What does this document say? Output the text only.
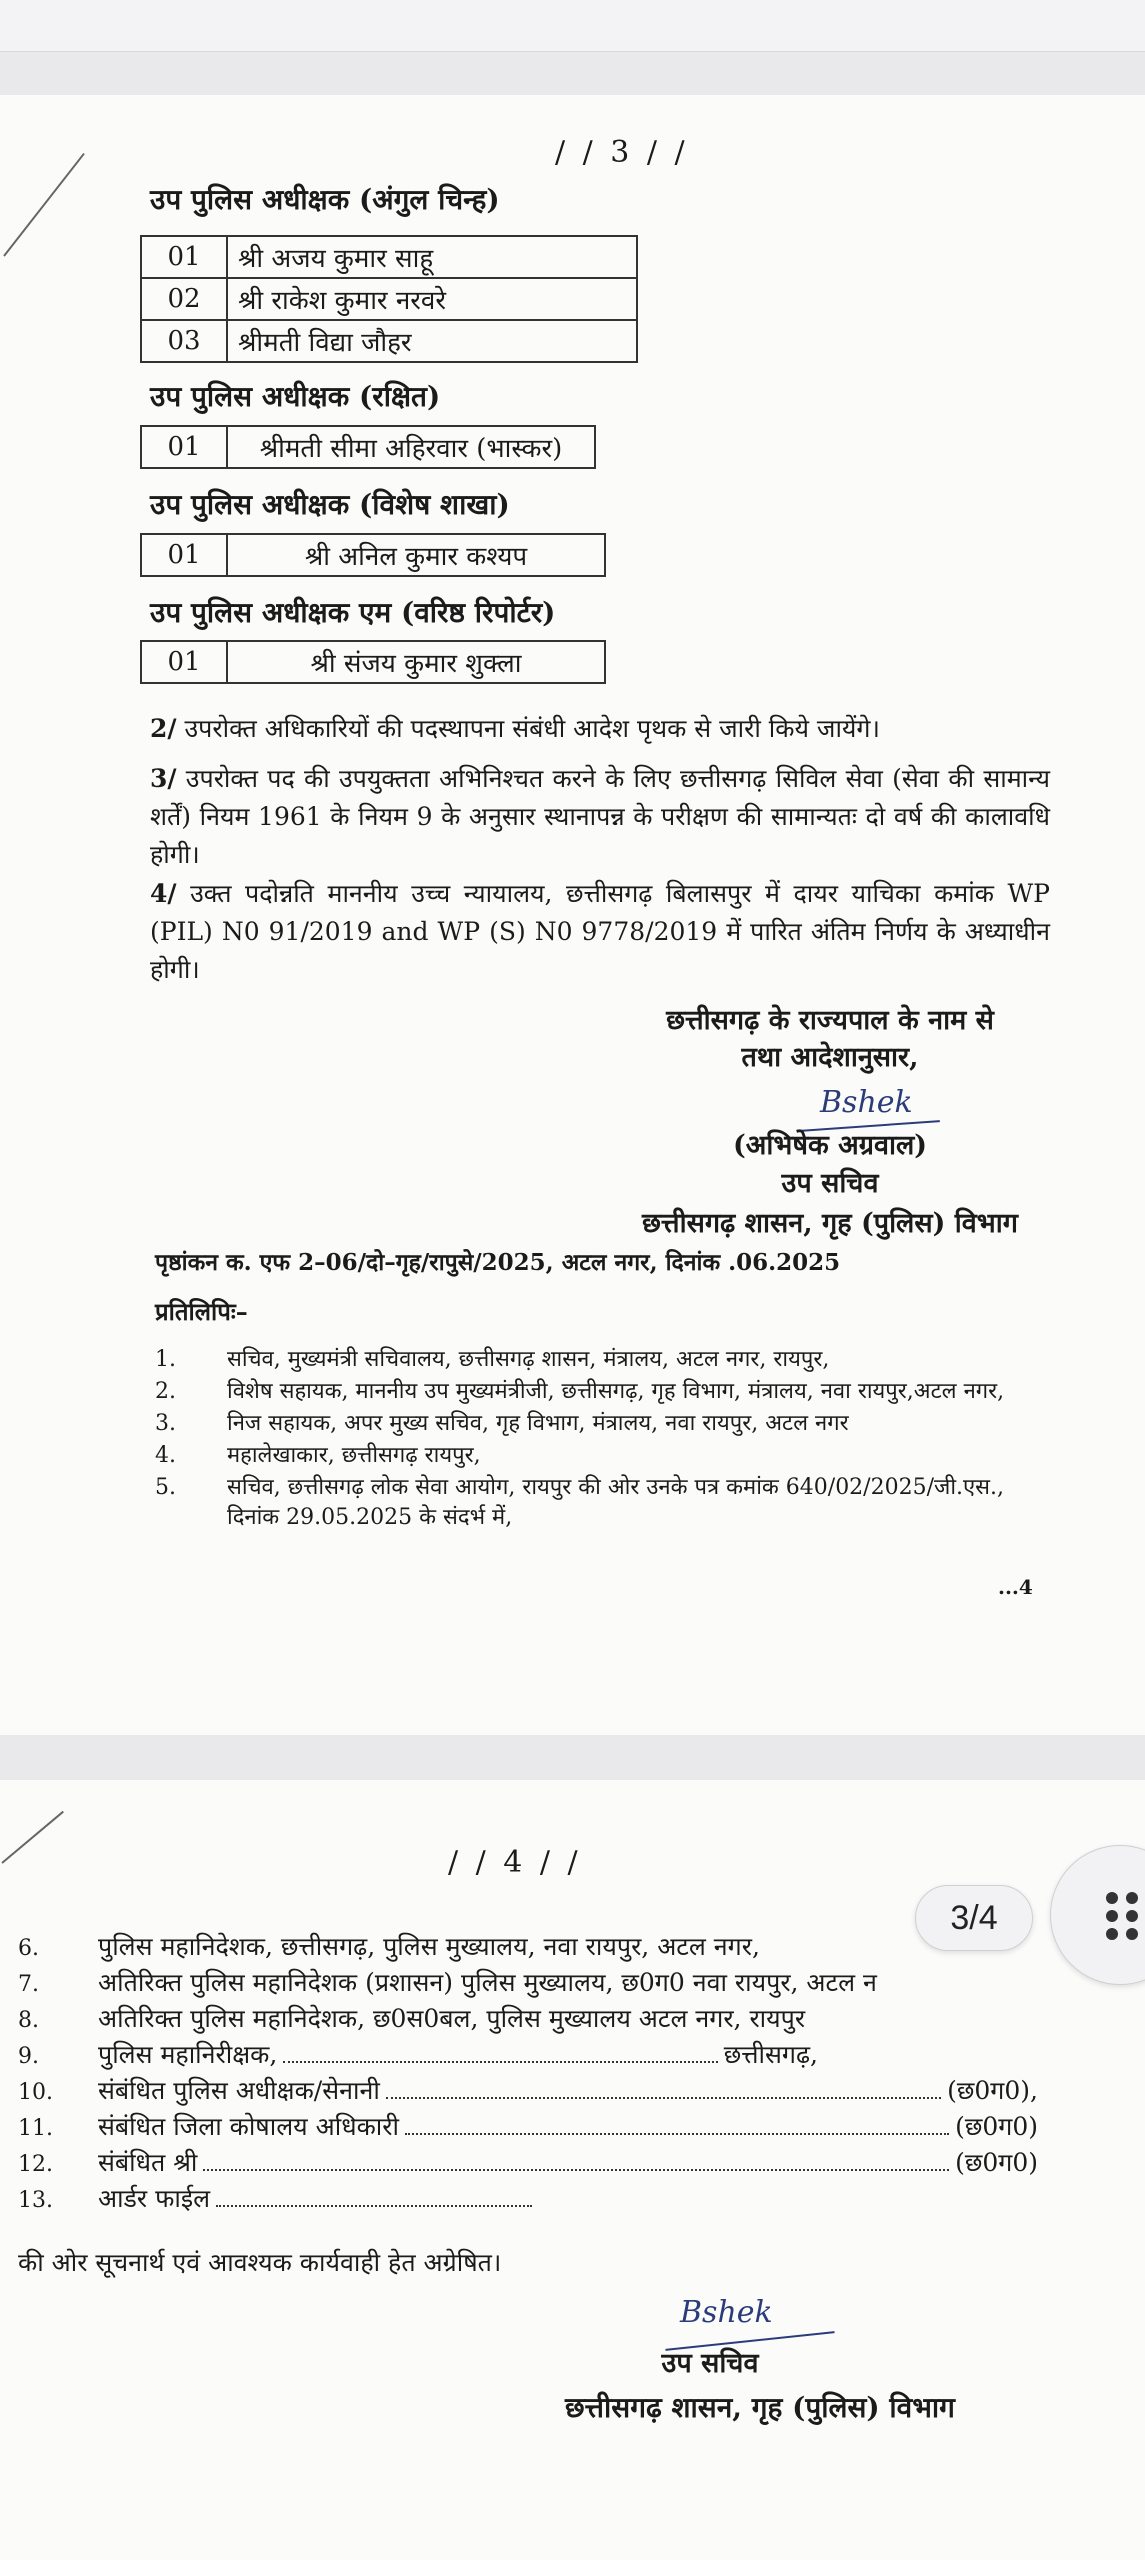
/ / 3 / /
उप पुलिस अधीक्षक (अंगुल चिन्ह)
01	श्री अजय कुमार साहू
02	श्री राकेश कुमार नरवरे
03	श्रीमती विद्या जौहर
उप पुलिस अधीक्षक (रक्षित)
01	श्रीमती सीमा अहिरवार (भास्कर)
उप पुलिस अधीक्षक (विशेष शाखा)
01	श्री अनिल कुमार कश्यप
उप पुलिस अधीक्षक एम (वरिष्ठ रिपोर्टर)
01	श्री संजय कुमार शुक्ला
2/ उपरोक्त अधिकारियों की पदस्थापना संबंधी आदेश पृथक से जारी किये जायेंगे।
3/ उपरोक्त पद की उपयुक्तता अभिनिश्चत करने के लिए छत्तीसगढ़ सिविल सेवा (सेवा की सामान्य शर्तें) नियम 1961 के नियम 9 के अनुसार स्थानापन्न के परीक्षण की सामान्यतः दो वर्ष की कालावधि होगी।
4/ उक्त पदोन्नति माननीय उच्च न्यायालय, छत्तीसगढ़ बिलासपुर में दायर याचिका कमांक WP (PIL) N0 91/2019 and WP (S) N0 9778/2019 में पारित अंतिम निर्णय के अध्याधीन होगी।
छत्तीसगढ़ के राज्यपाल के नाम से
तथा आदेशानुसार,
Bshek
(अभिषेक अग्रवाल)
उप सचिव
छत्तीसगढ़ शासन, गृह (पुलिस) विभाग
पृष्ठांकन क. एफ 2–06/दो–गृह/रापुसे/2025, अटल नगर, दिनांक .06.2025
प्रतिलिपिः–
1.	सचिव, मुख्यमंत्री सचिवालय, छत्तीसगढ़ शासन, मंत्रालय, अटल नगर, रायपुर,
2.	विशेष सहायक, माननीय उप मुख्यमंत्रीजी, छत्तीसगढ़, गृह विभाग, मंत्रालय, नवा रायपुर,अटल नगर,
3.	निज सहायक, अपर मुख्य सचिव, गृह विभाग, मंत्रालय, नवा रायपुर, अटल नगर
4.	महालेखाकार, छत्तीसगढ़ रायपुर,
5.	सचिव, छत्तीसगढ़ लोक सेवा आयोग, रायपुर की ओर उनके पत्र कमांक 640/02/2025/जी.एस., दिनांक 29.05.2025 के संदर्भ में,
...4
/ / 4 / /
6.	पुलिस महानिदेशक, छत्तीसगढ़, पुलिस मुख्यालय, नवा रायपुर, अटल नगर,
7.	अतिरिक्त पुलिस महानिदेशक (प्रशासन) पुलिस मुख्यालय, छ0ग0 नवा रायपुर, अटल न
8.	अतिरिक्त पुलिस महानिदेशक, छ0स0बल, पुलिस मुख्यालय अटल नगर, रायपुर
9.	पुलिस महानिरीक्षक,	छत्तीसगढ़,
10.	संबंधित पुलिस अधीक्षक/सेनानी	(छ0ग0),
11.	संबंधित जिला कोषालय अधिकारी	(छ0ग0)
12.	संबंधित श्री	(छ0ग0)
13.	आर्डर फाईल
की ओर सूचनार्थ एवं आवश्यक कार्यवाही हेत अग्रेषित।
Bshek
उप सचिव
छत्तीसगढ़ शासन, गृह (पुलिस) विभाग
3/4
